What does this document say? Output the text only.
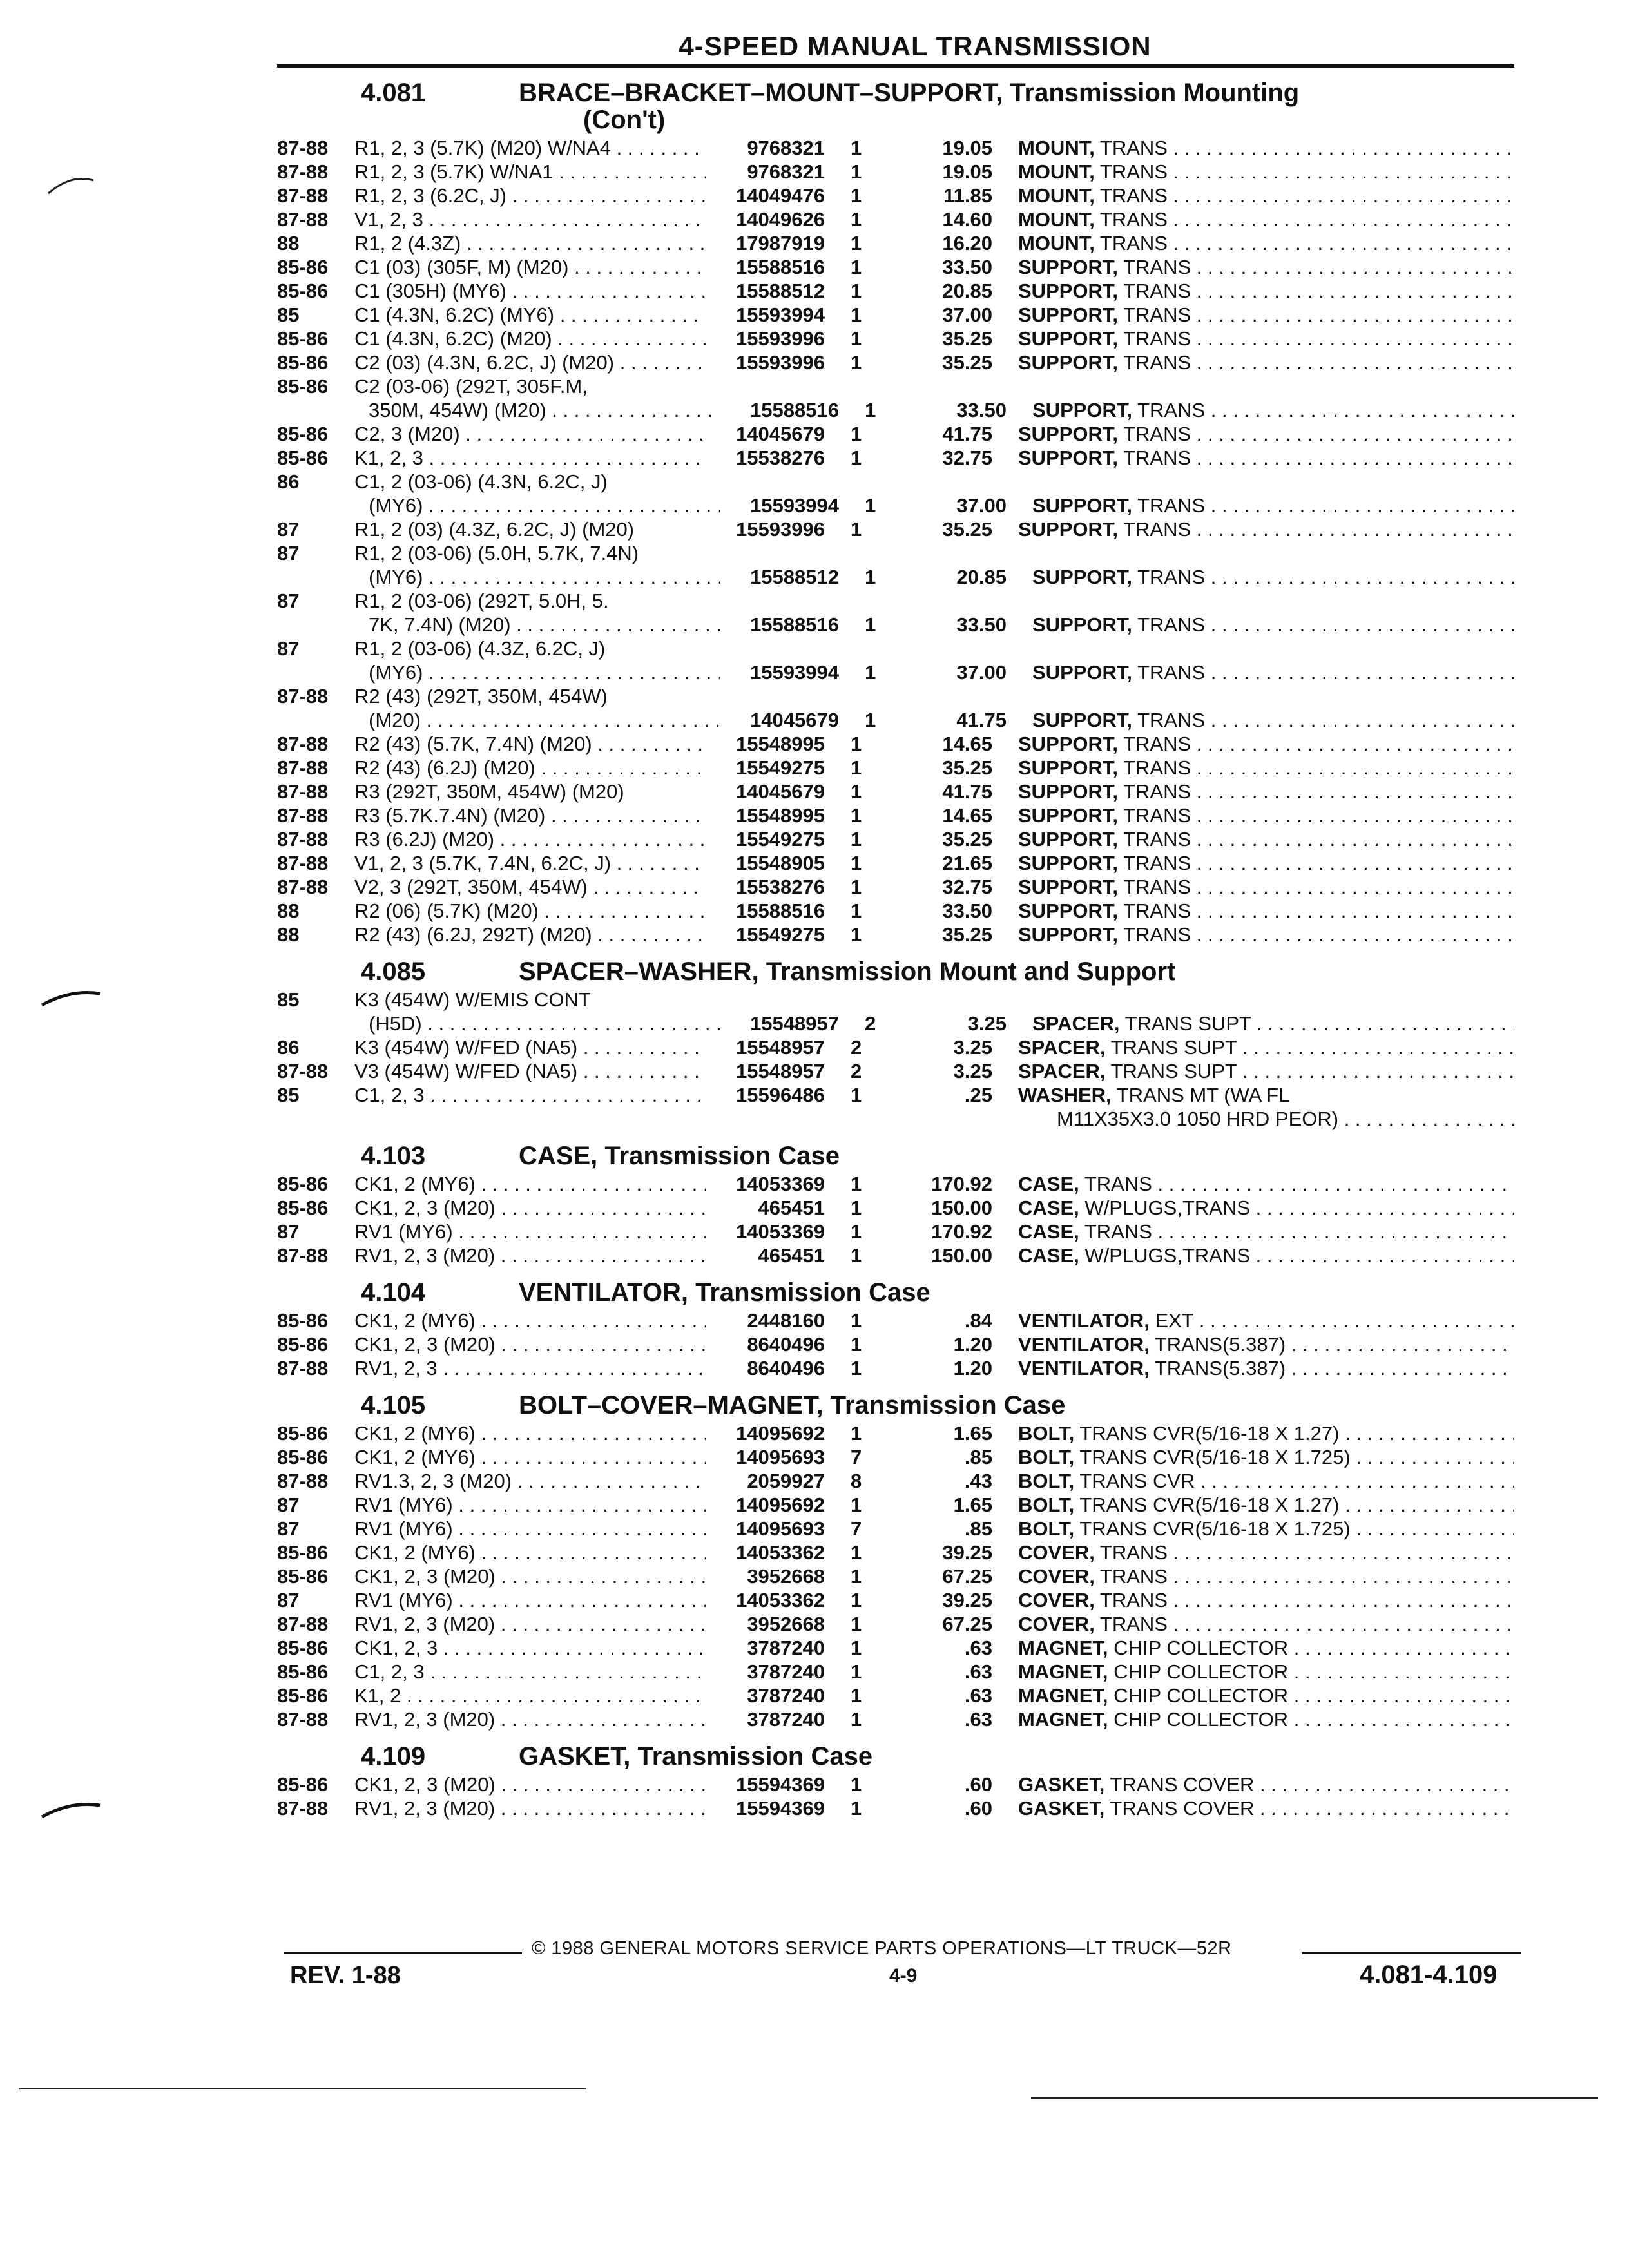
4-SPEED MANUAL TRANSMISSION
4.081	BRACE–BRACKET–MOUNT–SUPPORT, Transmission Mounting
(Con't)
87-88	R1, 2, 3 (5.7K) (M20) W/NA4 . . .	9768321	1	19.05	MOUNT, TRANS . . .
87-88	R1, 2, 3 (5.7K) W/NA1 . . .	9768321	1	19.05	MOUNT, TRANS . . .
87-88	R1, 2, 3 (6.2C, J) . . .	14049476	1	11.85	MOUNT, TRANS . . .
87-88	V1, 2, 3 . . .	14049626	1	14.60	MOUNT, TRANS . . .
88	R1, 2 (4.3Z) . . .	17987919	1	16.20	MOUNT, TRANS . . .
85-86	C1 (03) (305F, M) (M20) . . .	15588516	1	33.50	SUPPORT, TRANS . . .
85-86	C1 (305H) (MY6) . . .	15588512	1	20.85	SUPPORT, TRANS . . .
85	C1 (4.3N, 6.2C) (MY6) . . .	15593994	1	37.00	SUPPORT, TRANS . . .
85-86	C1 (4.3N, 6.2C) (M20) . . .	15593996	1	35.25	SUPPORT, TRANS . . .
85-86	C2 (03) (4.3N, 6.2C, J) (M20) . . .	15593996	1	35.25	SUPPORT, TRANS . . .
85-86	C2 (03-06) (292T, 305F.M,
350M, 454W) (M20) . . .	15588516	1	33.50	SUPPORT, TRANS . . .
85-86	C2, 3 (M20) . . .	14045679	1	41.75	SUPPORT, TRANS . . .
85-86	K1, 2, 3 . . .	15538276	1	32.75	SUPPORT, TRANS . . .
86	C1, 2 (03-06) (4.3N, 6.2C, J)
(MY6) . . .	15593994	1	37.00	SUPPORT, TRANS . . .
87	R1, 2 (03) (4.3Z, 6.2C, J) (M20)	15593996	1	35.25	SUPPORT, TRANS . . .
87	R1, 2 (03-06) (5.0H, 5.7K, 7.4N)
(MY6) . . .	15588512	1	20.85	SUPPORT, TRANS . . .
87	R1, 2 (03-06) (292T, 5.0H, 5.
7K, 7.4N) (M20) . . .	15588516	1	33.50	SUPPORT, TRANS . . .
87	R1, 2 (03-06) (4.3Z, 6.2C, J)
(MY6) . . .	15593994	1	37.00	SUPPORT, TRANS . . .
87-88	R2 (43) (292T, 350M, 454W)
(M20) . . .	14045679	1	41.75	SUPPORT, TRANS . . .
87-88	R2 (43) (5.7K, 7.4N) (M20) . . .	15548995	1	14.65	SUPPORT, TRANS . . .
87-88	R2 (43) (6.2J) (M20) . . .	15549275	1	35.25	SUPPORT, TRANS . . .
87-88	R3 (292T, 350M, 454W) (M20)	14045679	1	41.75	SUPPORT, TRANS . . .
87-88	R3 (5.7K.7.4N) (M20) . . .	15548995	1	14.65	SUPPORT, TRANS . . .
87-88	R3 (6.2J) (M20) . . .	15549275	1	35.25	SUPPORT, TRANS . . .
87-88	V1, 2, 3 (5.7K, 7.4N, 6.2C, J) . . .	15548905	1	21.65	SUPPORT, TRANS . . .
87-88	V2, 3 (292T, 350M, 454W) . . .	15538276	1	32.75	SUPPORT, TRANS . . .
88	R2 (06) (5.7K) (M20) . . .	15588516	1	33.50	SUPPORT, TRANS . . .
88	R2 (43) (6.2J, 292T) (M20) . . .	15549275	1	35.25	SUPPORT, TRANS . . .
4.085	SPACER–WASHER, Transmission Mount and Support
85	K3 (454W) W/EMIS CONT
(H5D) . . .	15548957	2	3.25	SPACER, TRANS SUPT . . .
86	K3 (454W) W/FED (NA5) . . .	15548957	2	3.25	SPACER, TRANS SUPT . . .
87-88	V3 (454W) W/FED (NA5) . . .	15548957	2	3.25	SPACER, TRANS SUPT . . .
85	C1, 2, 3 . . .	15596486	1	.25	WASHER, TRANS MT (WA FL
M11X35X3.0 1050 HRD PEOR) . . .
4.103	CASE, Transmission Case
85-86	CK1, 2 (MY6) . . .	14053369	1	170.92	CASE, TRANS . . .
85-86	CK1, 2, 3 (M20) . . .	465451	1	150.00	CASE, W/PLUGS,TRANS . . .
87	RV1 (MY6) . . .	14053369	1	170.92	CASE, TRANS . . .
87-88	RV1, 2, 3 (M20) . . .	465451	1	150.00	CASE, W/PLUGS,TRANS . . .
4.104	VENTILATOR, Transmission Case
85-86	CK1, 2 (MY6) . . .	2448160	1	.84	VENTILATOR, EXT . . .
85-86	CK1, 2, 3 (M20) . . .	8640496	1	1.20	VENTILATOR, TRANS(5.387) . . .
87-88	RV1, 2, 3 . . .	8640496	1	1.20	VENTILATOR, TRANS(5.387) . . .
4.105	BOLT–COVER–MAGNET, Transmission Case
85-86	CK1, 2 (MY6) . . .	14095692	1	1.65	BOLT, TRANS CVR(5/16-18 X 1.27) . . .
85-86	CK1, 2 (MY6) . . .	14095693	7	.85	BOLT, TRANS CVR(5/16-18 X 1.725) . . .
87-88	RV1.3, 2, 3 (M20) . . .	2059927	8	.43	BOLT, TRANS CVR . . .
87	RV1 (MY6) . . .	14095692	1	1.65	BOLT, TRANS CVR(5/16-18 X 1.27) . . .
87	RV1 (MY6) . . .	14095693	7	.85	BOLT, TRANS CVR(5/16-18 X 1.725) . . .
85-86	CK1, 2 (MY6) . . .	14053362	1	39.25	COVER, TRANS . . .
85-86	CK1, 2, 3 (M20) . . .	3952668	1	67.25	COVER, TRANS . . .
87	RV1 (MY6) . . .	14053362	1	39.25	COVER, TRANS . . .
87-88	RV1, 2, 3 (M20) . . .	3952668	1	67.25	COVER, TRANS . . .
85-86	CK1, 2, 3 . . .	3787240	1	.63	MAGNET, CHIP COLLECTOR . . .
85-86	C1, 2, 3 . . .	3787240	1	.63	MAGNET, CHIP COLLECTOR . . .
85-86	K1, 2 . . .	3787240	1	.63	MAGNET, CHIP COLLECTOR . . .
87-88	RV1, 2, 3 (M20) . . .	3787240	1	.63	MAGNET, CHIP COLLECTOR . . .
4.109	GASKET, Transmission Case
85-86	CK1, 2, 3 (M20) . . .	15594369	1	.60	GASKET, TRANS COVER . . .
87-88	RV1, 2, 3 (M20) . . .	15594369	1	.60	GASKET, TRANS COVER . . .
© 1988 GENERAL MOTORS SERVICE PARTS OPERATIONS—LT TRUCK—52R
REV. 1-88	4-9	4.081-4.109
